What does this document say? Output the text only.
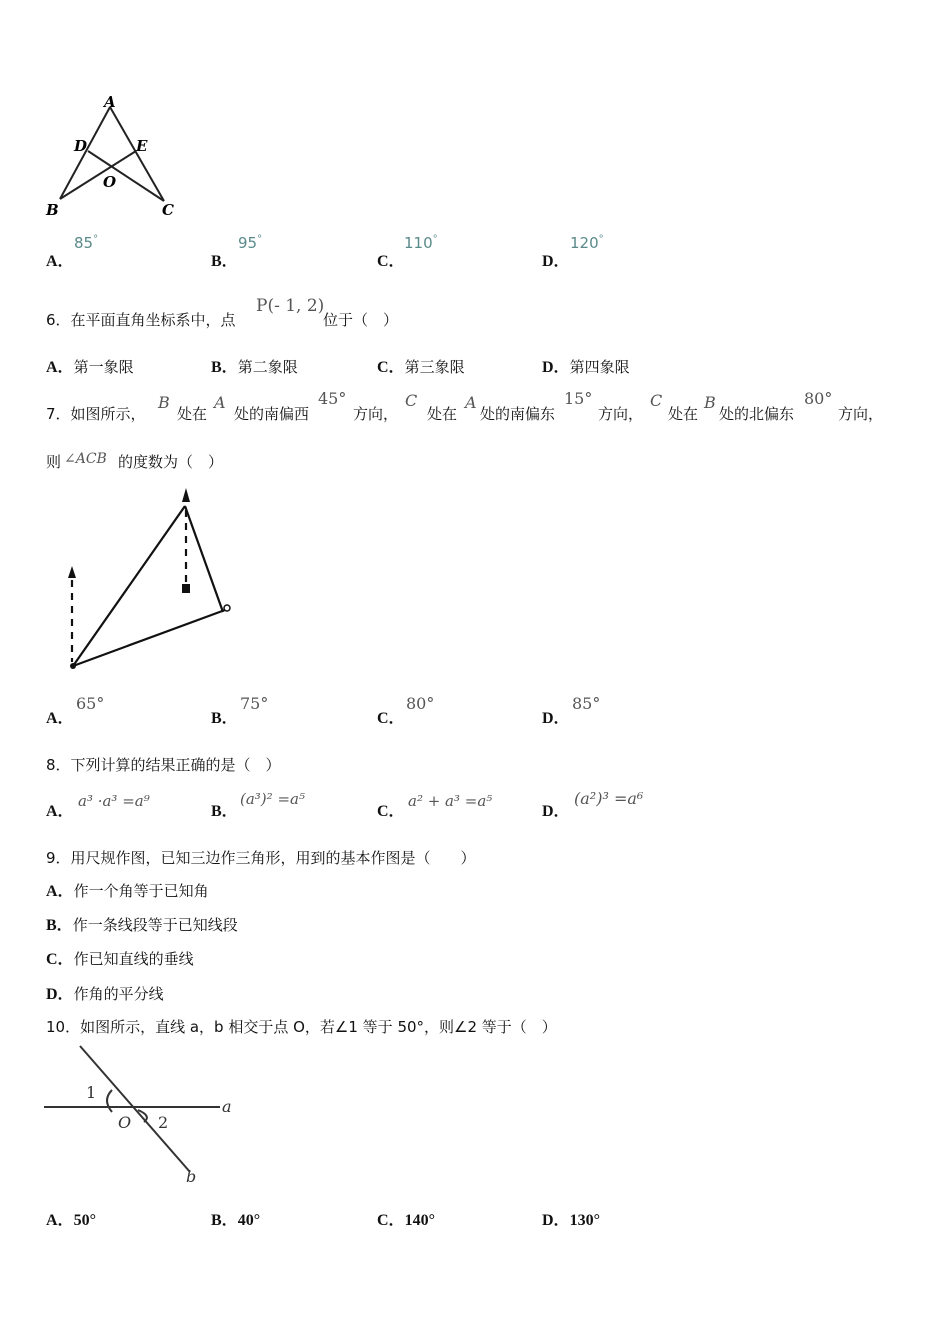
A
D	E
O
B	C
A．
85°
B．
95°
C．
110°
D．
120°
6．在平面直角坐标系中，点
P(- 1, 2)
位于（　）
A．第一象限	B．第二象限	C．第三象限	D．第四象限
7．如图所示，
B
处在
A
处的南偏西
45°
方向，
C
处在
A
处的南偏东
15°
方向，
C
处在
B
处的北偏东
80°
方向，
则 ∠ACB 的度数为（　）
A．
65°
B．
75°
C．
80°
D．
85°
8．下列计算的结果正确的是（　）
A．
a³ ·a³ =a⁹
B．
(a³)² =a⁵
C．
a² + a³ =a⁵
D．
(a²)³ =a⁶
9．用尺规作图，已知三边作三角形，用到的基本作图是（　　）
A．作一个角等于已知角
B．作一条线段等于已知线段
C．作已知直线的垂线
D．作角的平分线
10．如图所示，直线 a，b 相交于点 O，若∠1 等于 50°，则∠2 等于（　）
1
2
O
a
b
A．50°	B．40°	C．140°	D．130°
